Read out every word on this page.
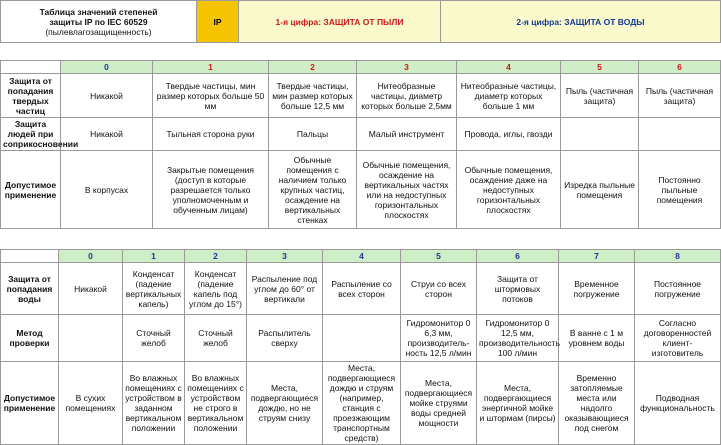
Таблица значений степеней
защиты IP по IEC 60529
(пылевлагозащищенность)
	IP	1-я цифра: ЗАЩИТА ОТ ПЫЛИ	2-я цифра: ЗАЩИТА ОТ ВОДЫ
	0	1	2	3	4	5	6
Защита от попадания твердых частиц	Никакой	Твердые частицы, мин размер которых больше 50 мм	Твердые частицы, мин размер которых больше 12,5 мм	Нитеобразные частицы, диаметр которых больше 2,5мм	Нитеобразные частицы, диаметр которых больше 1 мм	Пыль (частичная защита)	Пыль (частичная защита)
Защита людей при соприкосновении	Никакой	Тыльная сторона руки	Пальцы	Малый инструмент	Провода, иглы, гвозди		
Допустимое применение	В корпусах	Закрытые помещения (доступ в которые разрешается только уполномоченным и обученным лицам)	Обычные помещения с наличием только крупных частиц, осаждение на вертикальных стенках	Обычные помещения, осаждение на вертикальных частях или на недоступных горизонтальных плоскостях	Обычные помещения, осаждение даже на недоступных горизонтальных плоскостях	Изредка пыльные помещения	Постоянно пыльные помещения
	0	1	2	3	4	5	6	7	8
Защита от попадания воды	Никакой	Конденсат (падение вертикальных капель)	Конденсат (падение капель под углом до 15°)	Распыление под углом до 60° от вертикали	Распыление со всех сторон	Струи со всех сторон	Защита от штормовых потоков	Временное погружение	Постоянное погружение
Метод проверки		Сточный желоб	Сточный желоб	Распылитель сверху		Гидромонитор 0 6,3 мм, производитель-ность 12,5 л/мин	Гидромонитор 0 12,5 мм, производительность 100 л/мин	В ванне с 1 м уровнем воды	Согласно договоренностей клиент-изготовитель
Допустимое применение	В сухих помещениях	Во влажных помещениях с устройством в заданном вертикальном положении	Во влажных помещениях с устройством не строго в вертикальном положении	Места, подвергающиеся дождю, но не струям снизу	Места, подвергающиеся дождю и струям (например, станция с проезжающим транспортным средств)	Места, подвергающиеся мойке струями воды средней мощности	Места, подвергающиеся энергичной мойке и штормам (пирсы)	Временно затопляемые места или надолго оказывающиеся под снегом	Подводная функциональность
